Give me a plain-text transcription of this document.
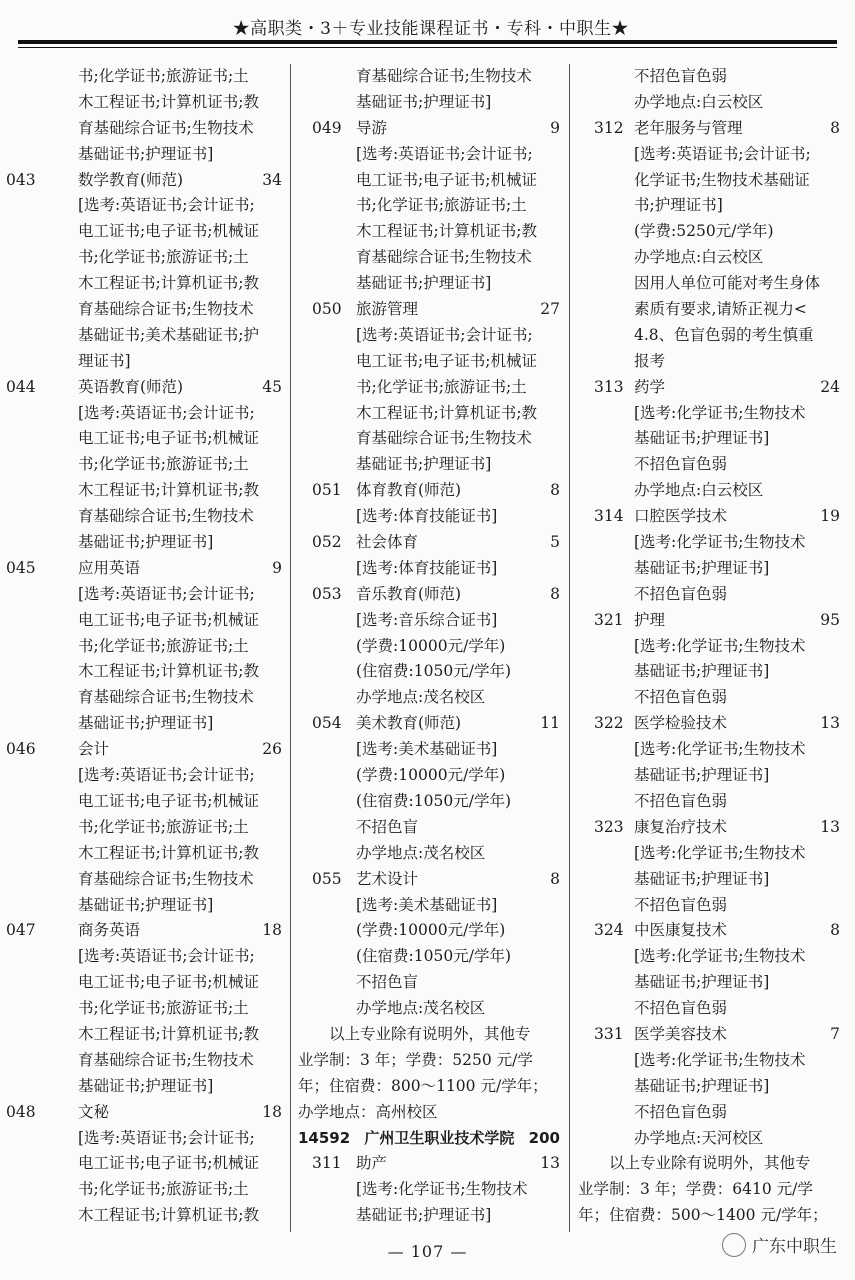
★高职类・3＋专业技能课程证书・专科・中职生★
书;化学证书;旅游证书;土
木工程证书;计算机证书;教
育基础综合证书;生物技术
基础证书;护理证书]
043	数学教育(师范)	34
[选考:英语证书;会计证书;
电工证书;电子证书;机械证
书;化学证书;旅游证书;土
木工程证书;计算机证书;教
育基础综合证书;生物技术
基础证书;美术基础证书;护
理证书]
044	英语教育(师范)	45
[选考:英语证书;会计证书;
电工证书;电子证书;机械证
书;化学证书;旅游证书;土
木工程证书;计算机证书;教
育基础综合证书;生物技术
基础证书;护理证书]
045	应用英语	9
[选考:英语证书;会计证书;
电工证书;电子证书;机械证
书;化学证书;旅游证书;土
木工程证书;计算机证书;教
育基础综合证书;生物技术
基础证书;护理证书]
046	会计	26
[选考:英语证书;会计证书;
电工证书;电子证书;机械证
书;化学证书;旅游证书;土
木工程证书;计算机证书;教
育基础综合证书;生物技术
基础证书;护理证书]
047	商务英语	18
[选考:英语证书;会计证书;
电工证书;电子证书;机械证
书;化学证书;旅游证书;土
木工程证书;计算机证书;教
育基础综合证书;生物技术
基础证书;护理证书]
048	文秘	18
[选考:英语证书;会计证书;
电工证书;电子证书;机械证
书;化学证书;旅游证书;土
木工程证书;计算机证书;教
育基础综合证书;生物技术
基础证书;护理证书]
049 导游	9
[选考:英语证书;会计证书;
电工证书;电子证书;机械证
书;化学证书;旅游证书;土
木工程证书;计算机证书;教
育基础综合证书;生物技术
基础证书;护理证书]
050 旅游管理	27
[选考:英语证书;会计证书;
电工证书;电子证书;机械证
书;化学证书;旅游证书;土
木工程证书;计算机证书;教
育基础综合证书;生物技术
基础证书;护理证书]
051 体育教育(师范)	8
[选考:体育技能证书]
052 社会体育	5
[选考:体育技能证书]
053 音乐教育(师范)	8
[选考:音乐综合证书]
(学费:10000元/学年)
(住宿费:1050元/学年)
办学地点:茂名校区
054 美术教育(师范)	11
[选考:美术基础证书]
(学费:10000元/学年)
(住宿费:1050元/学年)
不招色盲
办学地点:茂名校区
055 艺术设计	8
[选考:美术基础证书]
(学费:10000元/学年)
(住宿费:1050元/学年)
不招色盲
办学地点:茂名校区
以上专业除有说明外，其他专
业学制：3 年；学费：5250 元/学
年；住宿费：800～1100 元/学年；
办学地点：高州校区
14592 广州卫生职业技术学院 200
311 助产	13
[选考:化学证书;生物技术
基础证书;护理证书]
不招色盲色弱
办学地点:白云校区
312 老年服务与管理	8
[选考:英语证书;会计证书;
化学证书;生物技术基础证
书;护理证书]
(学费:5250元/学年)
办学地点:白云校区
因用人单位可能对考生身体
素质有要求,请矫正视力<
4.8、色盲色弱的考生慎重
报考
313 药学	24
[选考:化学证书;生物技术
基础证书;护理证书]
不招色盲色弱
办学地点:白云校区
314 口腔医学技术	19
[选考:化学证书;生物技术
基础证书;护理证书]
不招色盲色弱
321 护理	95
[选考:化学证书;生物技术
基础证书;护理证书]
不招色盲色弱
322 医学检验技术	13
[选考:化学证书;生物技术
基础证书;护理证书]
不招色盲色弱
323 康复治疗技术	13
[选考:化学证书;生物技术
基础证书;护理证书]
不招色盲色弱
324 中医康复技术	8
[选考:化学证书;生物技术
基础证书;护理证书]
不招色盲色弱
331 医学美容技术	7
[选考:化学证书;生物技术
基础证书;护理证书]
不招色盲色弱
办学地点:天河校区
以上专业除有说明外，其他专
业学制：3 年；学费：6410 元/学
年；住宿费：500～1400 元/学年；
— 107 —	广东中职生
